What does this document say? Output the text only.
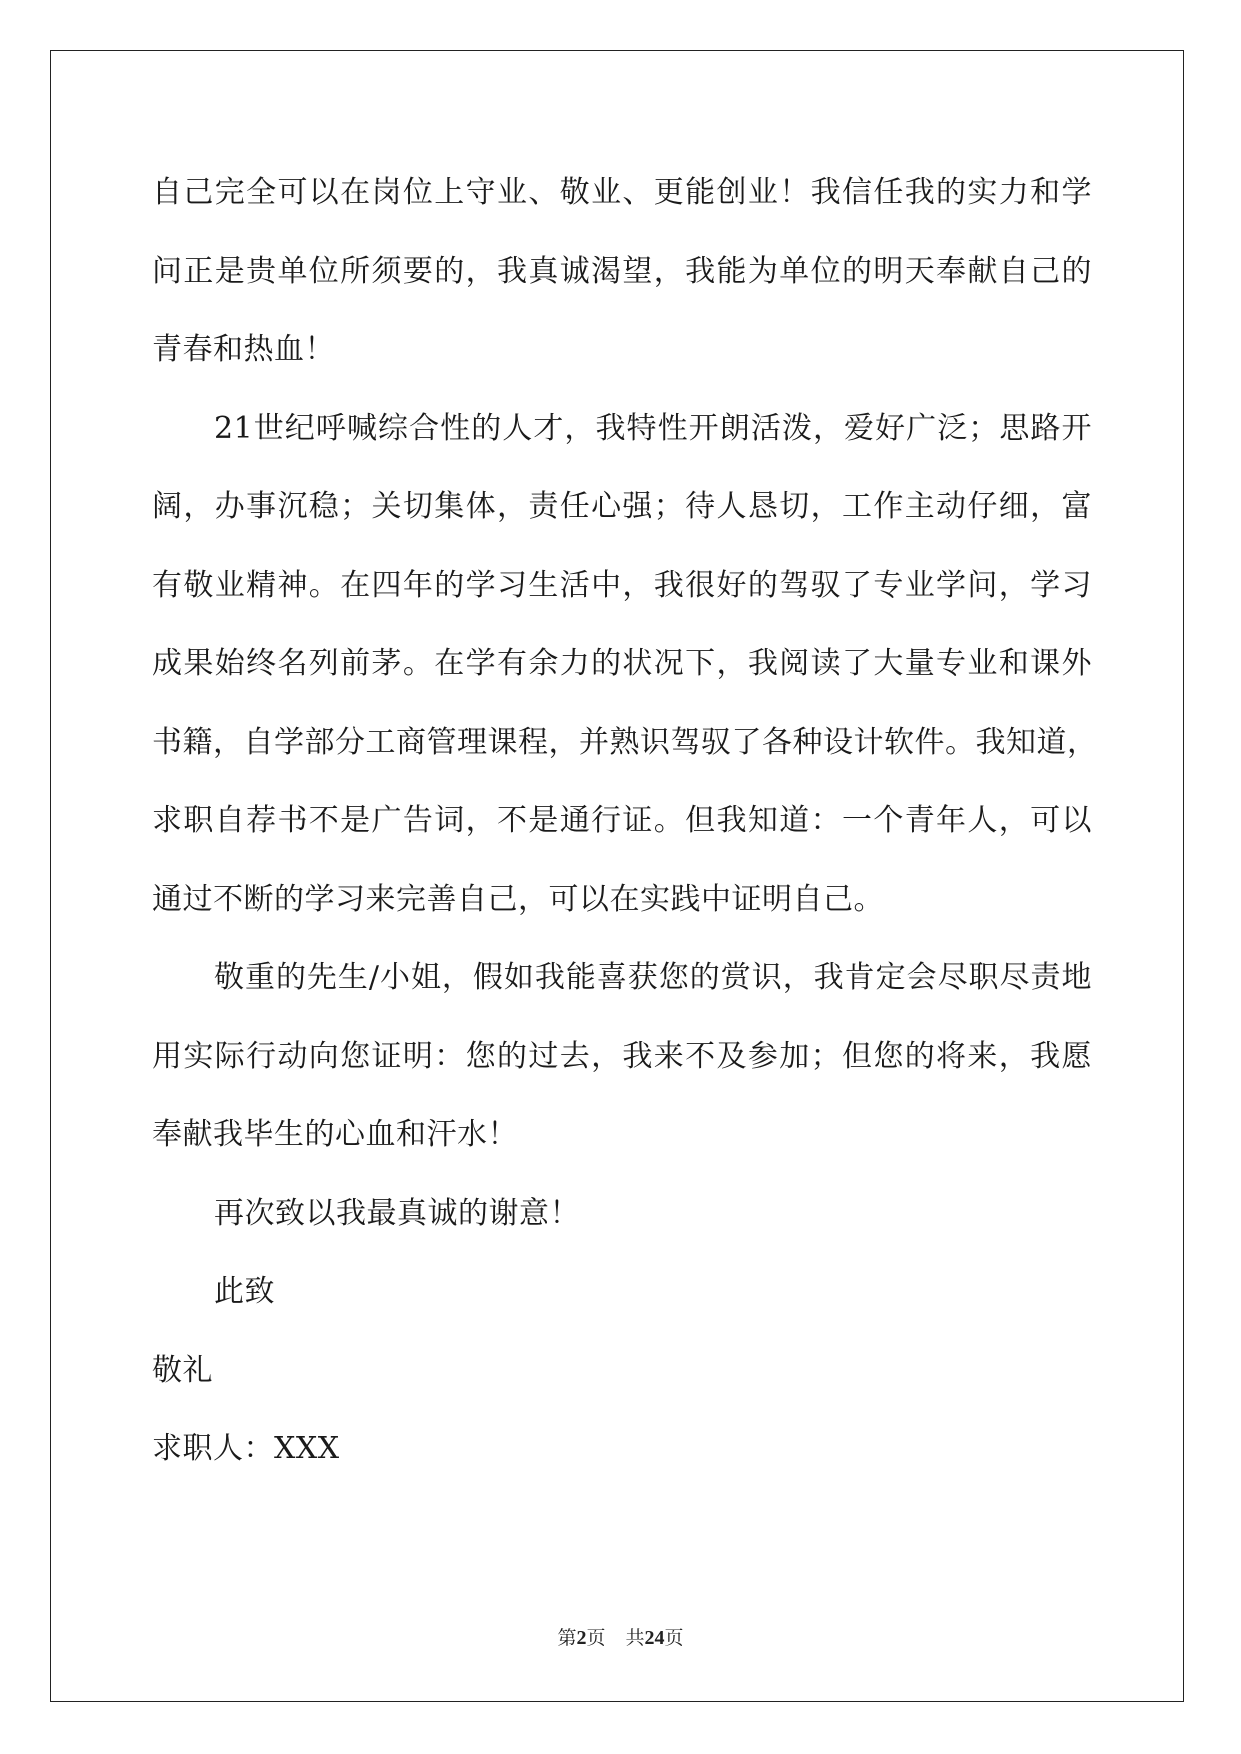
自己完全可以在岗位上守业、敬业、更能创业！我信任我的实力和学
问正是贵单位所须要的，我真诚渴望，我能为单位的明天奉献自己的
青春和热血！
21世纪呼喊综合性的人才，我特性开朗活泼，爱好广泛；思路开
阔，办事沉稳；关切集体，责任心强；待人恳切，工作主动仔细，富
有敬业精神。在四年的学习生活中，我很好的驾驭了专业学问，学习
成果始终名列前茅。在学有余力的状况下，我阅读了大量专业和课外
书籍，自学部分工商管理课程，并熟识驾驭了各种设计软件。我知道，
求职自荐书不是广告词，不是通行证。但我知道：一个青年人，可以
通过不断的学习来完善自己，可以在实践中证明自己。
敬重的先生/小姐，假如我能喜获您的赏识，我肯定会尽职尽责地
用实际行动向您证明：您的过去，我来不及参加；但您的将来，我愿
奉献我毕生的心血和汗水！
再次致以我最真诚的谢意！
此致
敬礼
求职人：XXX
第2页 共24页
